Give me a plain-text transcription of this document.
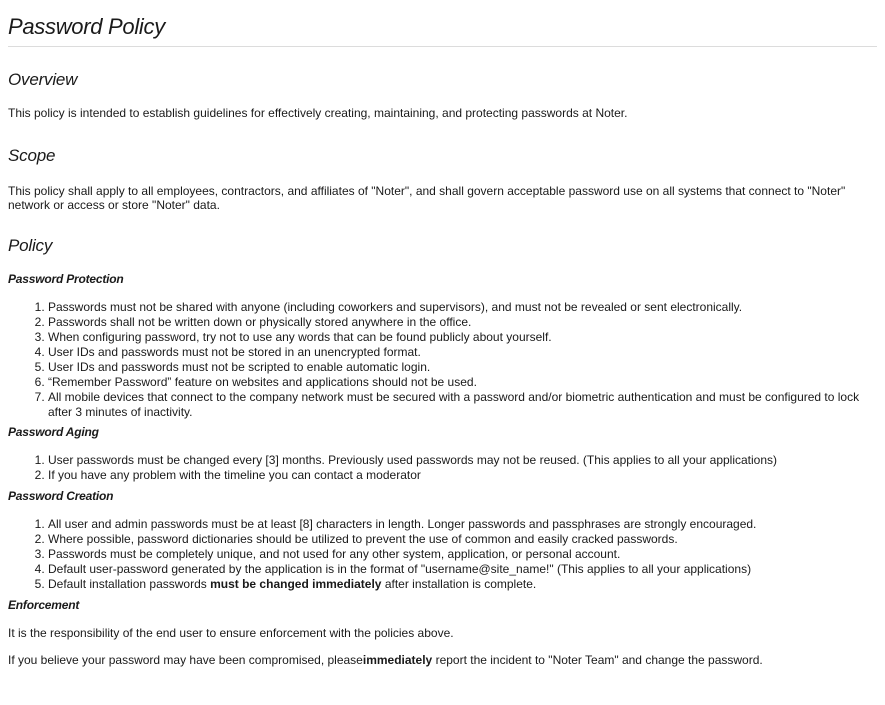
Password Policy
Overview

This policy is intended to establish guidelines for effectively creating, maintaining, and protecting passwords at Noter.

Scope

This policy shall apply to all employees, contractors, and affiliates of "Noter", and shall govern acceptable password use on all systems that connect to "Noter" network or access or store "Noter" data.

Policy
Password Protection
1. Passwords must not be shared with anyone (including coworkers and supervisors), and must not be revealed or sent electronically.
2. Passwords shall not be written down or physically stored anywhere in the office.
3. When configuring password, try not to use any words that can be found publicly about yourself.
4. User IDs and passwords must not be stored in an unencrypted format.
5. User IDs and passwords must not be scripted to enable automatic login.
6. “Remember Password” feature on websites and applications should not be used.
7. All mobile devices that connect to the company network must be secured with a password and/or biometric authentication and must be configured to lock after 3 minutes of inactivity.
Password Aging
1. User passwords must be changed every [3] months. Previously used passwords may not be reused. (This applies to all your applications)
2. If you have any problem with the timeline you can contact a moderator
Password Creation
1. All user and admin passwords must be at least [8] characters in length. Longer passwords and passphrases are strongly encouraged.
2. Where possible, password dictionaries should be utilized to prevent the use of common and easily cracked passwords.
3. Passwords must be completely unique, and not used for any other system, application, or personal account.
4. Default user-password generated by the application is in the format of "username@site_name!" (This applies to all your applications)
5. Default installation passwords must be changed immediately after installation is complete.
Enforcement

It is the responsibility of the end user to ensure enforcement with the policies above.

If you believe your password may have been compromised, pleaseimmediately report the incident to "Noter Team" and change the password.
